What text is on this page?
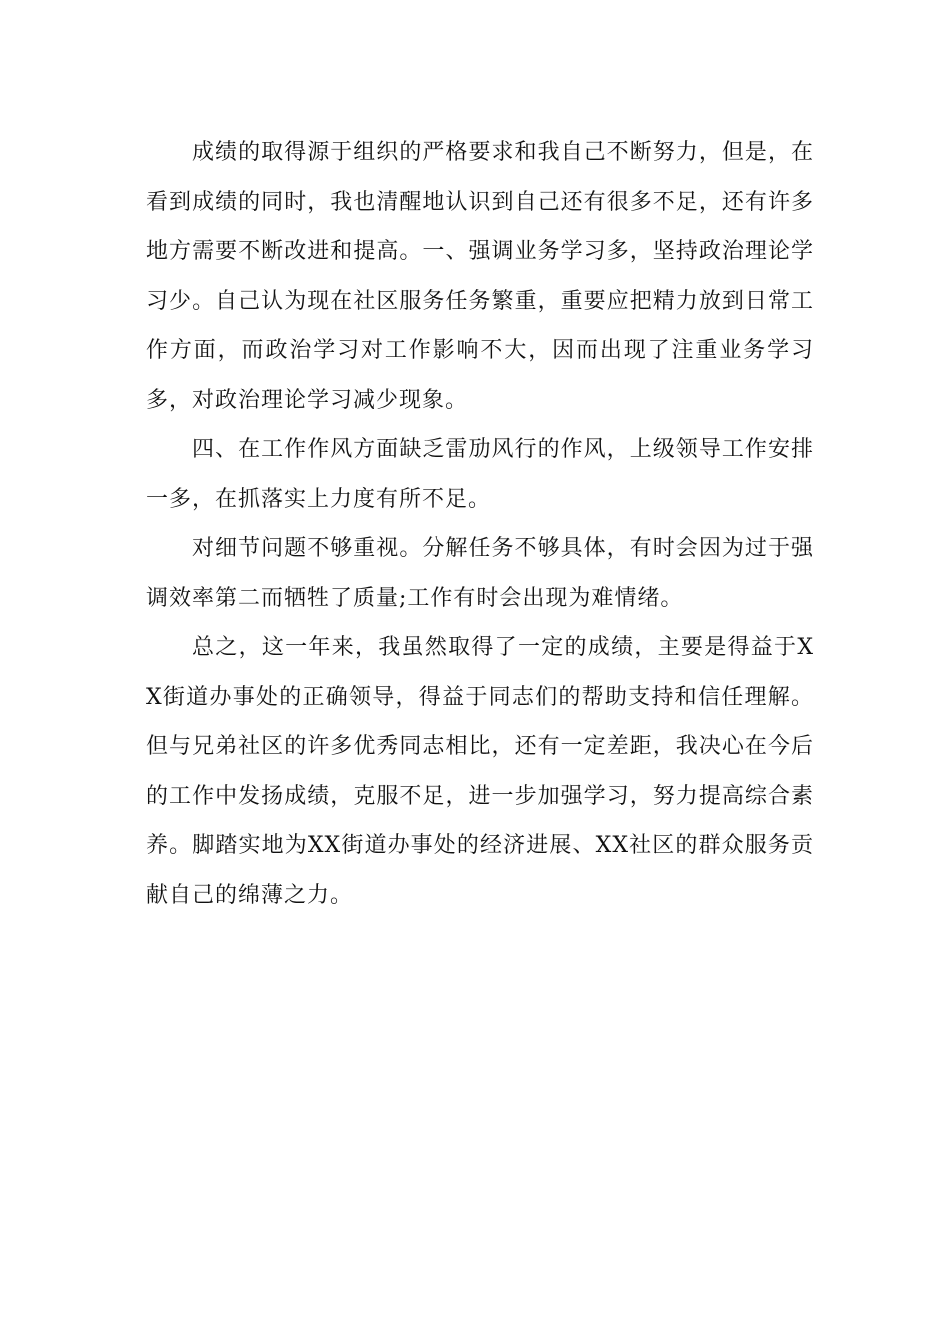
成绩的取得源于组织的严格要求和我自己不断努力，但是，在看到成绩的同时，我也清醒地认识到自己还有很多不足，还有许多地方需要不断改进和提高。一、强调业务学习多，坚持政治理论学习少。自己认为现在社区服务任务繁重，重要应把精力放到日常工作方面，而政治学习对工作影响不大，因而出现了注重业务学习多，对政治理论学习减少现象。

四、在工作作风方面缺乏雷劢风行的作风，上级领导工作安排一多，在抓落实上力度有所不足。

对细节问题不够重视。分解任务不够具体，有时会因为过于强调效率第二而牺牲了质量;工作有时会出现为难情绪。

总之，这一年来，我虽然取得了一定的成绩，主要是得益于XX街道办事处的正确领导，得益于同志们的帮助支持和信任理解。但与兄弟社区的许多优秀同志相比，还有一定差距，我决心在今后的工作中发扬成绩，克服不足，进一步加强学习，努力提高综合素养。脚踏实地为XX街道办事处的经济进展、XX社区的群众服务贡献自己的绵薄之力。
